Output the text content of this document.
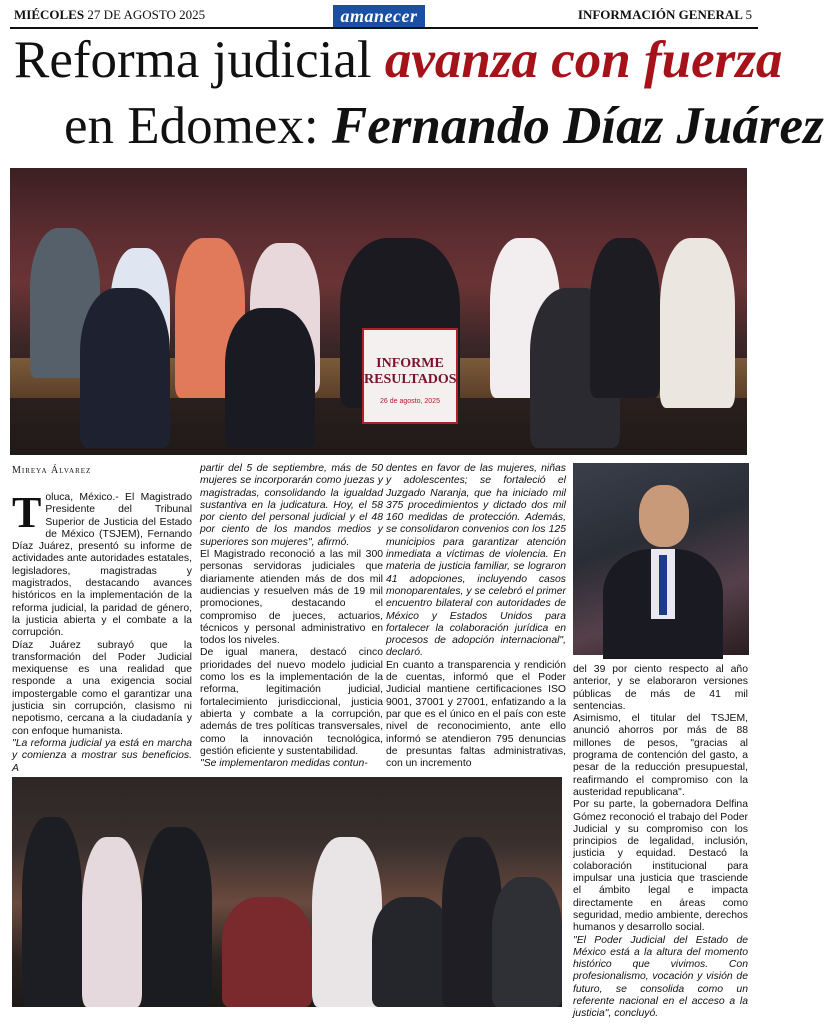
MIÉCOLES 27 DE AGOSTO 2025	amanecer	INFORMACIÓN GENERAL 5
Reforma judicial avanza con fuerza
en Edomex: Fernando Díaz Juárez
INFORME
RESULTADOS
26 de agosto, 2025
Mireya Álvarez

Toluca, México.- El Magistrado Presidente del Tribunal Superior de Justicia del Estado de México (TSJEM), Fernando Díaz Juárez, presentó su informe de actividades ante autoridades estatales, legisladores, magistradas y magistrados, destacando avances históricos en la implementación de la reforma judicial, la paridad de género, la justicia abierta y el combate a la corrupción.

Díaz Juárez subrayó que la transformación del Poder Judicial mexiquense es una realidad que responde a una exigencia social impostergable como el garantizar una justicia sin corrupción, clasismo ni nepotismo, cercana a la ciudadanía y con enfoque humanista.

"La reforma judicial ya está en marcha y comienza a mostrar sus beneficios. A

partir del 5 de septiembre, más de 50 mujeres se incorporarán como juezas y magistradas, consolidando la igualdad sustantiva en la judicatura. Hoy, el 58 por ciento del personal judicial y el 48 por ciento de los mandos medios y superiores son mujeres", afirmó.

El Magistrado reconoció a las mil 300 personas servidoras judiciales que diariamente atienden más de dos mil audiencias y resuelven más de 19 mil promociones, destacando el compromiso de jueces, actuarios, técnicos y personal administrativo en todos los niveles.

De igual manera, destacó cinco prioridades del nuevo modelo judicial como los es la implementación de la reforma, legitimación judicial, fortalecimiento jurisdiccional, justicia abierta y combate a la corrupción, además de tres políticas transversales, como la innovación tecnológica, gestión eficiente y sustentabilidad.

"Se implementaron medidas contun-

dentes en favor de las mujeres, niñas y adolescentes; se fortaleció el Juzgado Naranja, que ha iniciado mil 375 procedimientos y dictado dos mil 160 medidas de protección. Además, se consolidaron convenios con los 125 municipios para garantizar atención inmediata a víctimas de violencia. En materia de justicia familiar, se lograron 41 adopciones, incluyendo casos monoparentales, y se celebró el primer encuentro bilateral con autoridades de México y Estados Unidos para fortalecer la colaboración jurídica en procesos de adopción internacional", declaró.

En cuanto a transparencia y rendición de cuentas, informó que el Poder Judicial mantiene certificaciones ISO 9001, 37001 y 27001, enfatizando a la par que es el único en el país con este nivel de reconocimiento, ante ello informó se atendieron 795 denuncias de presuntas faltas administrativas, con un incremento

del 39 por ciento respecto al año anterior, y se elaboraron versiones públicas de más de 41 mil sentencias.

Asimismo, el titular del TSJEM, anunció ahorros por más de 88 millones de pesos, "gracias al programa de contención del gasto, a pesar de la reducción presupuestal, reafirmando el compromiso con la austeridad republicana".

Por su parte, la gobernadora Delfina Gómez reconoció el trabajo del Poder Judicial y su compromiso con los principios de legalidad, inclusión, justicia y equidad. Destacó la colaboración institucional para impulsar una justicia que trasciende el ámbito legal e impacta directamente en áreas como seguridad, medio ambiente, derechos humanos y desarrollo social.

"El Poder Judicial del Estado de México está a la altura del momento histórico que vivimos. Con profesionalismo, vocación y visión de futuro, se consolida como un referente nacional en el acceso a la justicia", concluyó.
